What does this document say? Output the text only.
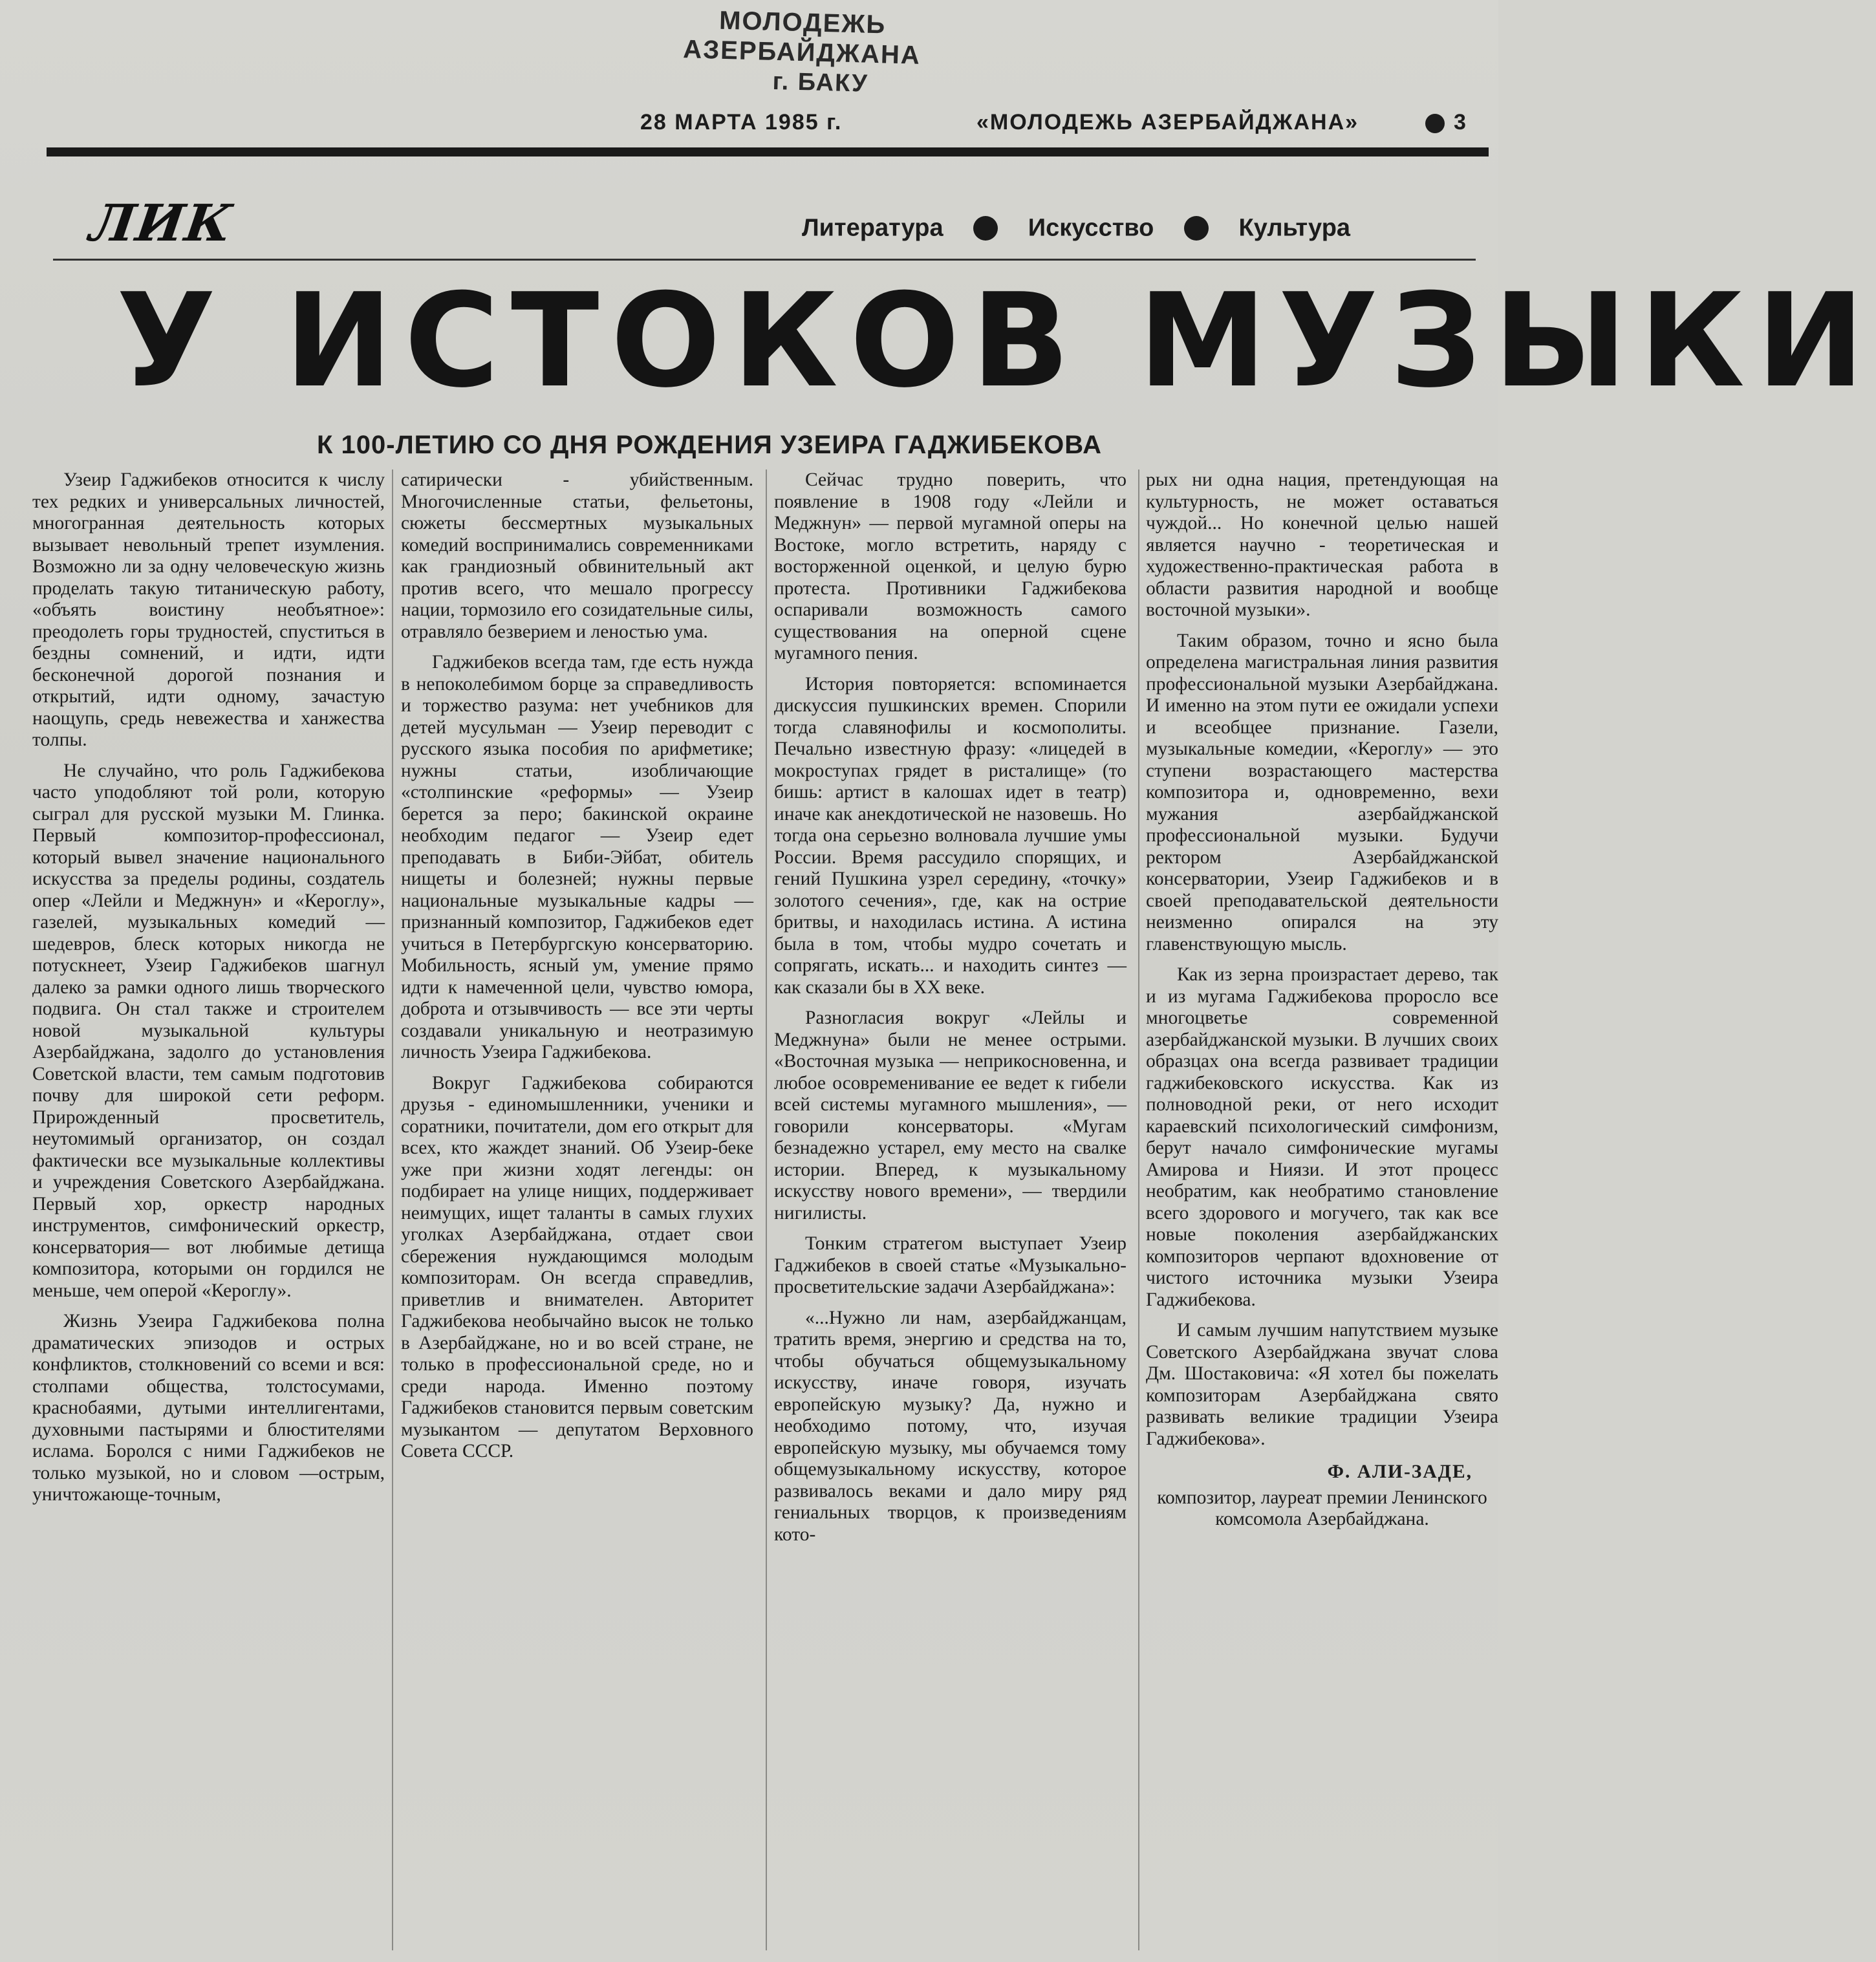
МОЛОДЕЖЬ АЗЕРБАЙДЖАНА
г. БАКУ
28 МАРТА 1985 г.	«МОЛОДЕЖЬ АЗЕРБАЙДЖАНА»	3
ЛИК	Литература	Искусство	Культура
У ИСТОКОВ МУЗЫКИ
К 100-ЛЕТИЮ СО ДНЯ РОЖДЕНИЯ УЗЕИРА ГАДЖИБЕКОВА

Узеир Гаджибеков относится к числу тех редких и универсальных личностей, многогранная деятельность которых вызывает невольный трепет изумления. Возможно ли за одну человеческую жизнь проделать такую титаническую работу, «объять воистину необъятное»: преодолеть горы трудностей, спуститься в бездны сомнений, и идти, идти бесконечной дорогой познания и открытий, идти одному, зачастую наощупь, средь невежества и ханжества толпы.

Не случайно, что роль Гаджибекова часто уподобляют той роли, которую сыграл для русской музыки М. Глинка. Первый композитор-профессионал, который вывел значение национального искусства за пределы родины, создатель опер «Лейли и Меджнун» и «Кероглу», газелей, музыкальных комедий — шедевров, блеск которых никогда не потускнеет, Узеир Гаджибеков шагнул далеко за рамки одного лишь творческого подвига. Он стал также и строителем новой музыкальной культуры Азербайджана, задолго до установления Советской власти, тем самым подготовив почву для широкой сети реформ. Прирожденный просветитель, неутомимый организатор, он создал фактически все музыкальные коллективы и учреждения Советского Азербайджана. Первый хор, оркестр народных инструментов, симфонический оркестр, консерватория— вот любимые детища композитора, которыми он гордился не меньше, чем оперой «Кероглу».

Жизнь Узеира Гаджибекова полна драматических эпизодов и острых конфликтов, столкновений со всеми и вся: столпами общества, толстосумами, краснобаями, дутыми интеллигентами, духовными пастырями и блюстителями ислама. Боролся с ними Гаджибеков не только музыкой, но и словом —острым, уничтожающе-точным,

сатирически - убийственным. Многочисленные статьи, фельетоны, сюжеты бессмертных музыкальных комедий воспринимались современниками как грандиозный обвинительный акт против всего, что мешало прогрессу нации, тормозило его созидательные силы, отравляло безверием и леностью ума.

Гаджибеков всегда там, где есть нужда в непоколебимом борце за справедливость и торжество разума: нет учебников для детей мусульман — Узеир переводит с русского языка пособия по арифметике; нужны статьи, изобличающие «столпинские «реформы» — Узеир берется за перо; бакинской окраине необходим педагог — Узеир едет преподавать в Биби-Эйбат, обитель нищеты и болезней; нужны первые национальные музыкальные кадры — признанный композитор, Гаджибеков едет учиться в Петербургскую консерваторию. Мобильность, ясный ум, умение прямо идти к намеченной цели, чувство юмора, доброта и отзывчивость — все эти черты создавали уникальную и неотразимую личность Узеира Гаджибекова.

Вокруг Гаджибекова собираются друзья - единомышленники, ученики и соратники, почитатели, дом его открыт для всех, кто жаждет знаний. Об Узеир-беке уже при жизни ходят легенды: он подбирает на улице нищих, поддерживает неимущих, ищет таланты в самых глухих уголках Азербайджана, отдает свои сбережения нуждающимся молодым композиторам. Он всегда справедлив, приветлив и внимателен. Авторитет Гаджибекова необычайно высок не только в Азербайджане, но и во всей стране, не только в профессиональной среде, но и среди народа. Именно поэтому Гаджибеков становится первым советским музыкантом — депутатом Верховного Совета СССР.

Сейчас трудно поверить, что появление в 1908 году «Лейли и Меджнун» — первой мугамной оперы на Востоке, могло встретить, наряду с восторженной оценкой, и целую бурю протеста. Противники Гаджибекова оспаривали возможность самого существования на оперной сцене мугамного пения.

История повторяется: вспоминается дискуссия пушкинских времен. Спорили тогда славянофилы и космополиты. Печально известную фразу: «лицедей в мокроступах грядет в ристалище» (то бишь: артист в калошах идет в театр) иначе как анекдотической не назовешь. Но тогда она серьезно волновала лучшие умы России. Время рассудило спорящих, и гений Пушкина узрел середину, «точку» золотого сечения», где, как на острие бритвы, и находилась истина. А истина была в том, чтобы мудро сочетать и сопрягать, искать... и находить синтез — как сказали бы в XX веке.

Разногласия вокруг «Лейлы и Меджнуна» были не менее острыми. «Восточная музыка — неприкосновенна, и любое осовременивание ее ведет к гибели всей системы мугамного мышления», — говорили консерваторы. «Мугам безнадежно устарел, ему место на свалке истории. Вперед, к музыкальному искусству нового времени», — твердили нигилисты.

Тонким стратегом выступает Узеир Гаджибеков в своей статье «Музыкально-просветительские задачи Азербайджана»:

«...Нужно ли нам, азербайджанцам, тратить время, энергию и средства на то, чтобы обучаться общемузыкальному искусству, иначе говоря, изучать европейскую музыку? Да, нужно и необходимо потому, что, изучая европейскую музыку, мы обучаемся тому общемузыкальному искусству, которое развивалось веками и дало миру ряд гениальных творцов, к произведениям кото-

рых ни одна нация, претендующая на культурность, не может оставаться чуждой... Но конечной целью нашей является научно - теоретическая и художественно-практическая работа в области развития народной и вообще восточной музыки».

Таким образом, точно и ясно была определена магистральная линия развития профессиональной музыки Азербайджана. И именно на этом пути ее ожидали успехи и всеобщее признание. Газели, музыкальные комедии, «Кероглу» — это ступени возрастающего мастерства композитора и, одновременно, вехи мужания азербайджанской профессиональной музыки. Будучи ректором Азербайджанской консерватории, Узеир Гаджибеков и в своей преподавательской деятельности неизменно опирался на эту главенствующую мысль.

Как из зерна произрастает дерево, так и из мугама Гаджибекова проросло все многоцветье современной азербайджанской музыки. В лучших своих образцах она всегда развивает традиции гаджибековского искусства. Как из полноводной реки, от него исходит караевский психологический симфонизм, берут начало симфонические мугамы Амирова и Ниязи. И этот процесс необратим, как необратимо становление всего здорового и могучего, так как все новые поколения азербайджанских композиторов черпают вдохновение от чистого источника музыки Узеира Гаджибекова.

И самым лучшим напутствием музыке Советского Азербайджана звучат слова Дм. Шостаковича: «Я хотел бы пожелать композиторам Азербайджана свято развивать великие традиции Узеира Гаджибекова».

Ф. АЛИ-ЗАДЕ,

композитор, лауреат премии Ленинского комсомола Азербайджана.
